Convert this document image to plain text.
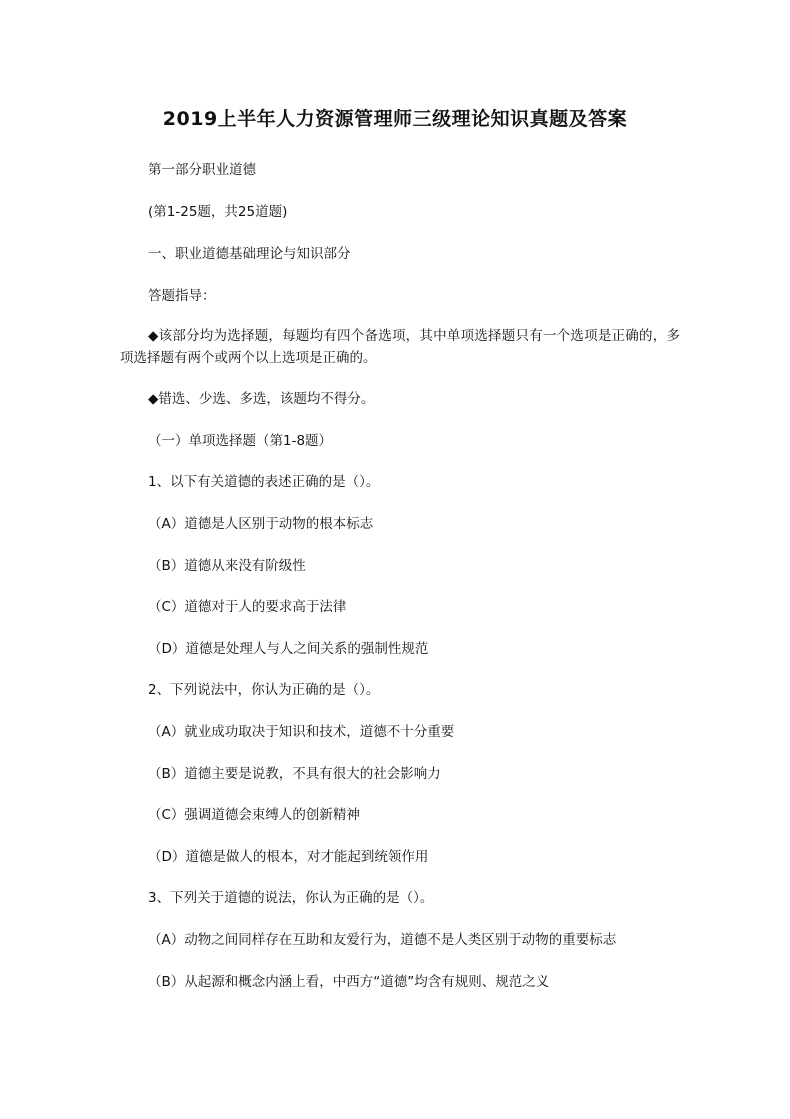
2019上半年人力资源管理师三级理论知识真题及答案
第一部分职业道德
(第1-25题，共25道题)
一、职业道德基础理论与知识部分
答题指导：
◆该部分均为选择题，每题均有四个备选项，其中单项选择题只有一个选项是正确的，多项选择题有两个或两个以上选项是正确的。
◆错选、少选、多选，该题均不得分。
（一）单项选择题（第1-8题）
1、以下有关道德的表述正确的是（）。
（A）道德是人区别于动物的根本标志
（B）道德从来没有阶级性
（C）道德对于人的要求高于法律
（D）道德是处理人与人之间关系的强制性规范
2、下列说法中，你认为正确的是（）。
（A）就业成功取决于知识和技术，道德不十分重要
（B）道德主要是说教，不具有很大的社会影响力
（C）强调道德会束缚人的创新精神
（D）道德是做人的根本，对才能起到统领作用
3、下列关于道德的说法，你认为正确的是（）。
（A）动物之间同样存在互助和友爱行为，道德不是人类区别于动物的重要标志
（B）从起源和概念内涵上看，中西方“道德”均含有规则、规范之义
